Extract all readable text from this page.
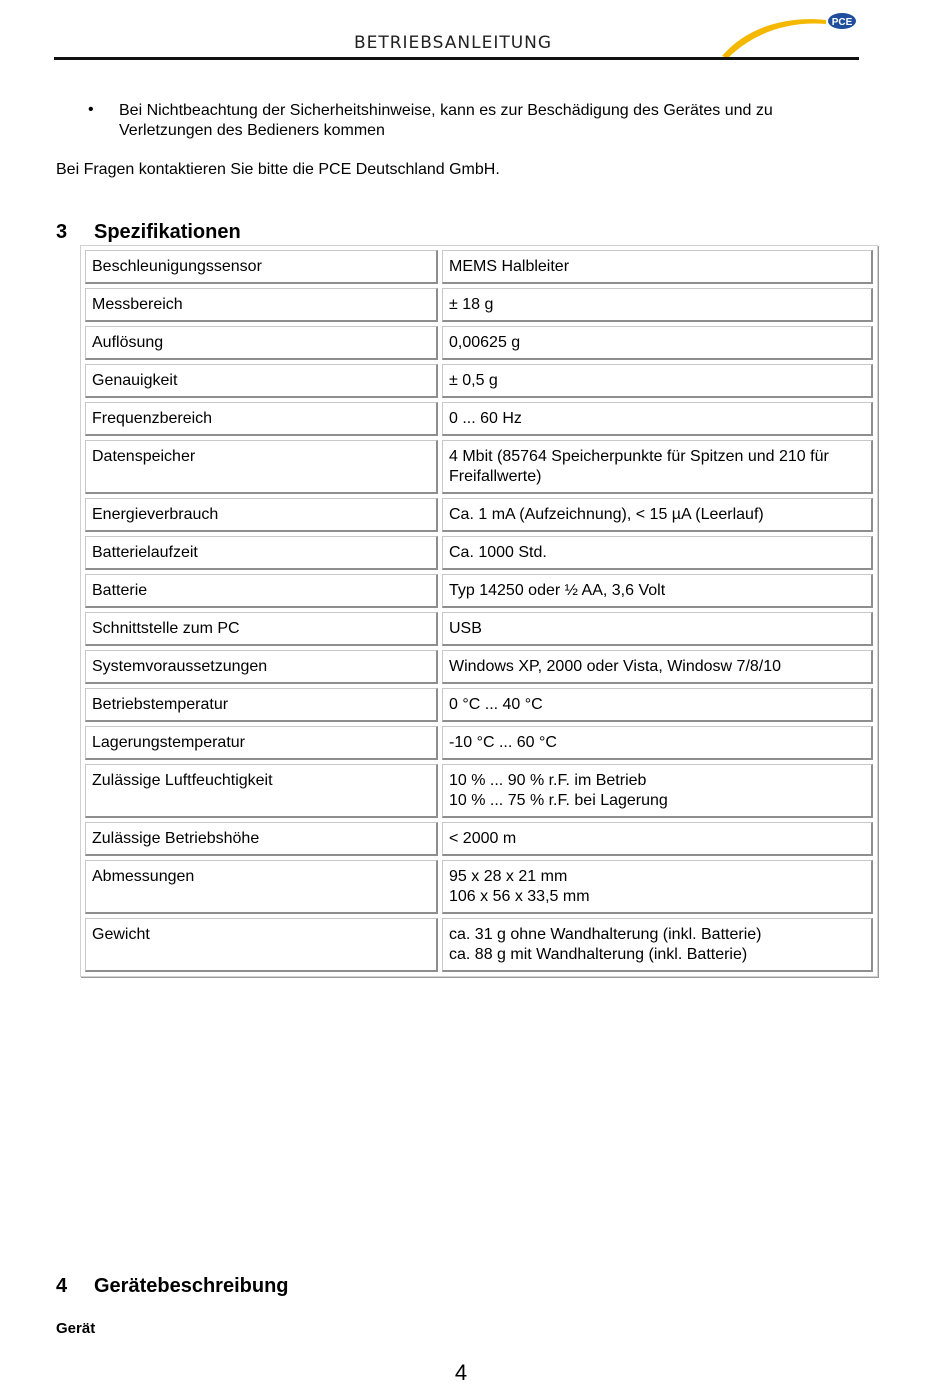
BETRIEBSANLEITUNG
PCE
• Bei Nichtbeachtung der Sicherheitshinweise, kann es zur Beschädigung des Gerätes und zu Verletzungen des Bedieners kommen
Bei Fragen kontaktieren Sie bitte die PCE Deutschland GmbH.
3 Spezifikationen
Beschleunigungssensor	MEMS Halbleiter

Messbereich	± 18 g

Auflösung	0,00625 g

Genauigkeit	± 0,5 g

Frequenzbereich	0 ... 60 Hz

Datenspeicher	4 Mbit (85764 Speicherpunkte für Spitzen und 210 für
Freifallwerte)

Energieverbrauch	Ca. 1 mA (Aufzeichnung), < 15 µA (Leerlauf)

Batterielaufzeit	Ca. 1000 Std.

Batterie	Typ 14250 oder ½ AA, 3,6 Volt

Schnittstelle zum PC	USB

Systemvoraussetzungen	Windows XP, 2000 oder Vista, Windosw 7/8/10

Betriebstemperatur	0 °C ... 40 °C

Lagerungstemperatur	-10 °C ... 60 °C

Zulässige Luftfeuchtigkeit	10 % ... 90 % r.F. im Betrieb
10 % ... 75 % r.F. bei Lagerung

Zulässige Betriebshöhe	< 2000 m

Abmessungen	95 x 28 x 21 mm
106 x 56 x 33,5 mm

Gewicht	ca. 31 g ohne Wandhalterung (inkl. Batterie)
ca. 88 g mit Wandhalterung (inkl. Batterie)
4 Gerätebeschreibung
Gerät
4
